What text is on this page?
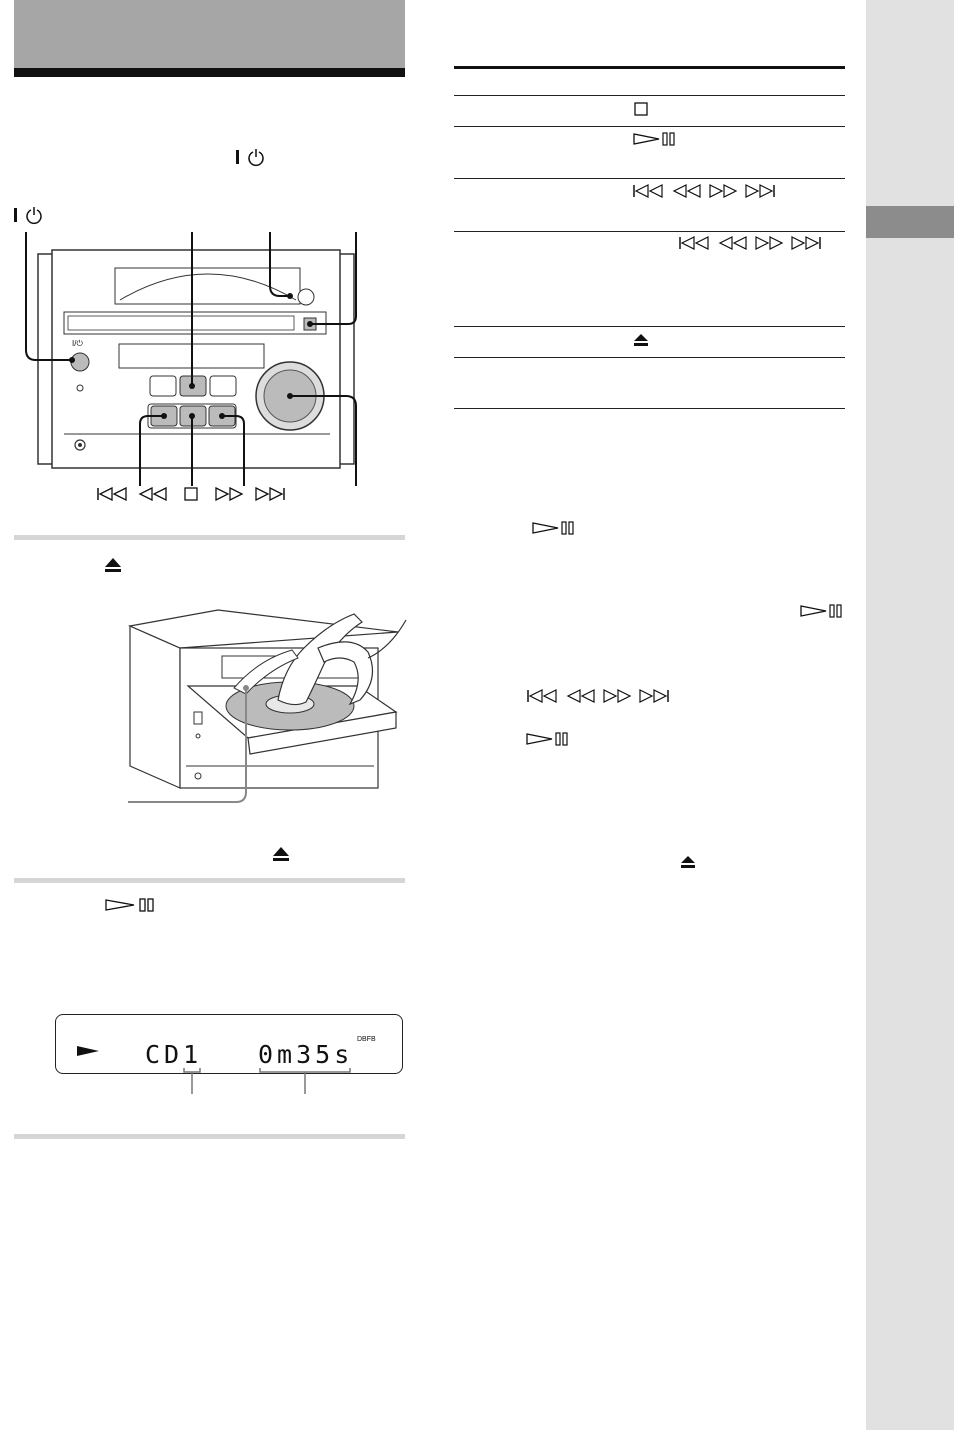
I/⏻
CD1 0m35s
DBFB
